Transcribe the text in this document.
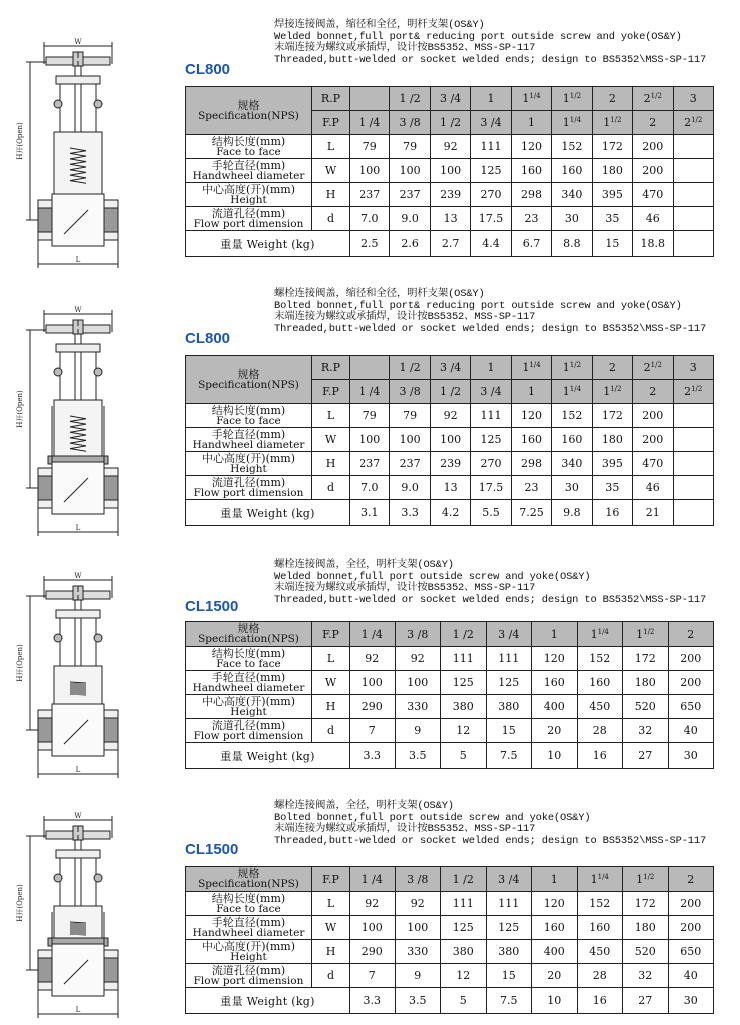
W
L
H开(Open)
焊接连接阀盖，缩径和全径，明杆支架(OS&Y)
Welded bonnet,full port& reducing port outside screw and yoke(OS&Y)
末端连接为螺纹或承插焊，设计按BS5352、MSS-SP-117
Threaded,butt-welded or socket welded ends; design to BS5352\MSS-SP-117
CL800
规格
Specification(NPS)	R.P		1 /2	3 /4	1	$1^{1/4}$	$1^{1/2}$	2	$2^{1/2}$	3
	F.P	1 /4	3 /8	1 /2	3 /4	1	$1^{1/4}$	$1^{1/2}$	2	$2^{1/2}$

结构长度(mm)
Face to face	L	79	79	92	111	120	152	172	200	

手轮直径(mm)
Handwheel diameter	W	100	100	100	125	160	160	180	200	

中心高度(开)(mm)
Height	H	237	237	239	270	298	340	395	470	

流道孔径(mm)
Flow port dimension	d	7.0	9.0	13	17.5	23	30	35	46	
重量 Weight (kg)		2.5	2.6	2.7	4.4	6.7	8.8	15	18.8	
W
L
H开(Open)
螺栓连接阀盖，缩径和全径，明杆支架(OS&Y)
Bolted bonnet,full port& reducing port outside screw and yoke(OS&Y)
末端连接为螺纹或承插焊，设计按BS5352、MSS-SP-117
Threaded,butt-welded or socket welded ends; design to BS5352\MSS-SP-117
CL800
规格
Specification(NPS)	R.P		1 /2	3 /4	1	$1^{1/4}$	$1^{1/2}$	2	$2^{1/2}$	3
	F.P	1 /4	3 /8	1 /2	3 /4	1	$1^{1/4}$	$1^{1/2}$	2	$2^{1/2}$

结构长度(mm)
Face to face	L	79	79	92	111	120	152	172	200	

手轮直径(mm)
Handwheel diameter	W	100	100	100	125	160	160	180	200	

中心高度(开)(mm)
Height	H	237	237	239	270	298	340	395	470	

流道孔径(mm)
Flow port dimension	d	7.0	9.0	13	17.5	23	30	35	46	
重量 Weight (kg)		3.1	3.3	4.2	5.5	7.25	9.8	16	21	
W
L
H开(Open)
螺栓连接阀盖，全径，明杆支架(OS&Y)
Welded bonnet,full port outside screw and yoke(OS&Y)
末端连接为螺纹或承插焊，设计按BS5352、MSS-SP-117
Threaded,butt-welded or socket welded ends; design to BS5352\MSS-SP-117
CL1500
规格
Specification(NPS)	F.P	1 /4	3 /8	1 /2	3 /4	1	$1^{1/4}$	$1^{1/2}$	2

结构长度(mm)
Face to face	L	92	92	111	111	120	152	172	200

手轮直径(mm)
Handwheel diameter	W	100	100	125	125	160	160	180	200

中心高度(开)(mm)
Height	H	290	330	380	380	400	450	520	650

流道孔径(mm)
Flow port dimension	d	7	9	12	15	20	28	32	40
重量 Weight (kg)		3.3	3.5	5	7.5	10	16	27	30
W
L
H开(Open)
螺栓连接阀盖，全径，明杆支架(OS&Y)
Bolted bonnet,full port outside screw and yoke(OS&Y)
末端连接为螺纹或承插焊，设计按BS5352、MSS-SP-117
Threaded,butt-welded or socket welded ends; design to BS5352\MSS-SP-117
CL1500
规格
Specification(NPS)	F.P	1 /4	3 /8	1 /2	3 /4	1	$1^{1/4}$	$1^{1/2}$	2

结构长度(mm)
Face to face	L	92	92	111	111	120	152	172	200

手轮直径(mm)
Handwheel diameter	W	100	100	125	125	160	160	180	200

中心高度(开)(mm)
Height	H	290	330	380	380	400	450	520	650

流道孔径(mm)
Flow port dimension	d	7	9	12	15	20	28	32	40
重量 Weight (kg)		3.3	3.5	5	7.5	10	16	27	30
